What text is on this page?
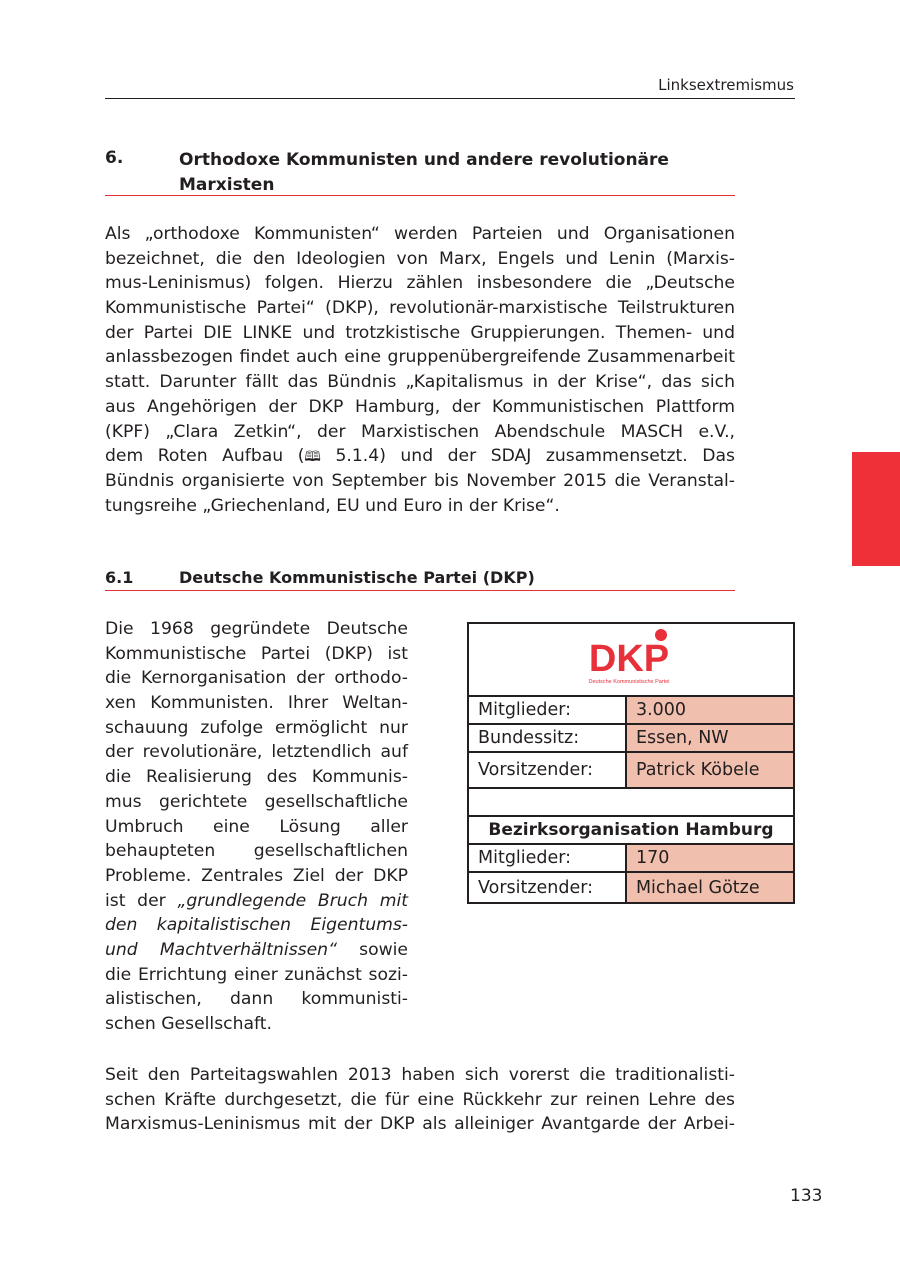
Linksextremismus
6.	Orthodoxe Kommunisten und andere revolutionäre
Marxisten
Als „orthodoxe Kommunisten“ werden Parteien und Organisationen
bezeichnet, die den Ideologien von Marx, Engels und Lenin (Marxis-
mus-Leninismus) folgen. Hierzu zählen insbesondere die „Deutsche
Kommunistische Partei“ (DKP), revolutionär-marxistische Teilstrukturen
der Partei DIE LINKE und trotzkistische Gruppierungen. Themen- und
anlassbezogen findet auch eine gruppenübergreifende Zusammenarbeit
statt. Darunter fällt das Bündnis „Kapitalismus in der Krise“, das sich
aus Angehörigen der DKP Hamburg, der Kommunistischen Plattform
(KPF) „Clara Zetkin“, der Marxistischen Abendschule MASCH e.V.,
dem Roten Aufbau (🕮 5.1.4) und der SDAJ zusammensetzt. Das
Bündnis organisierte von September bis November 2015 die Veranstal-
tungsreihe „Griechenland, EU und Euro in der Krise“.
6.1	Deutsche Kommunistische Partei (DKP)
Die 1968 gegründete Deutsche
Kommunistische Partei (DKP) ist
die Kernorganisation der orthodo-
xen Kommunisten. Ihrer Weltan-
schauung zufolge ermöglicht nur
der revolutionäre, letztendlich auf
die Realisierung des Kommunis-
mus gerichtete gesellschaftliche
Umbruch eine Lösung aller
behaupteten gesellschaftlichen
Probleme. Zentrales Ziel der DKP
ist der „grundlegende Bruch mit
den kapitalistischen Eigentums-
und Machtverhältnissen“ sowie
die Errichtung einer zunächst sozi-
alistischen, dann kommunisti-
schen Gesellschaft.
DKP
Deutsche Kommunistische Partei	

Mitglieder:	3.000
Bundessitz:	Essen, NW
Vorsitzender:	Patrick Köbele

Bezirksorganisation Hamburg	
Mitglieder:	170
Vorsitzender:	Michael Götze
Seit den Parteitagswahlen 2013 haben sich vorerst die traditionalisti-
schen Kräfte durchgesetzt, die für eine Rückkehr zur reinen Lehre des
Marxismus-Leninismus mit der DKP als alleiniger Avantgarde der Arbei-
133
